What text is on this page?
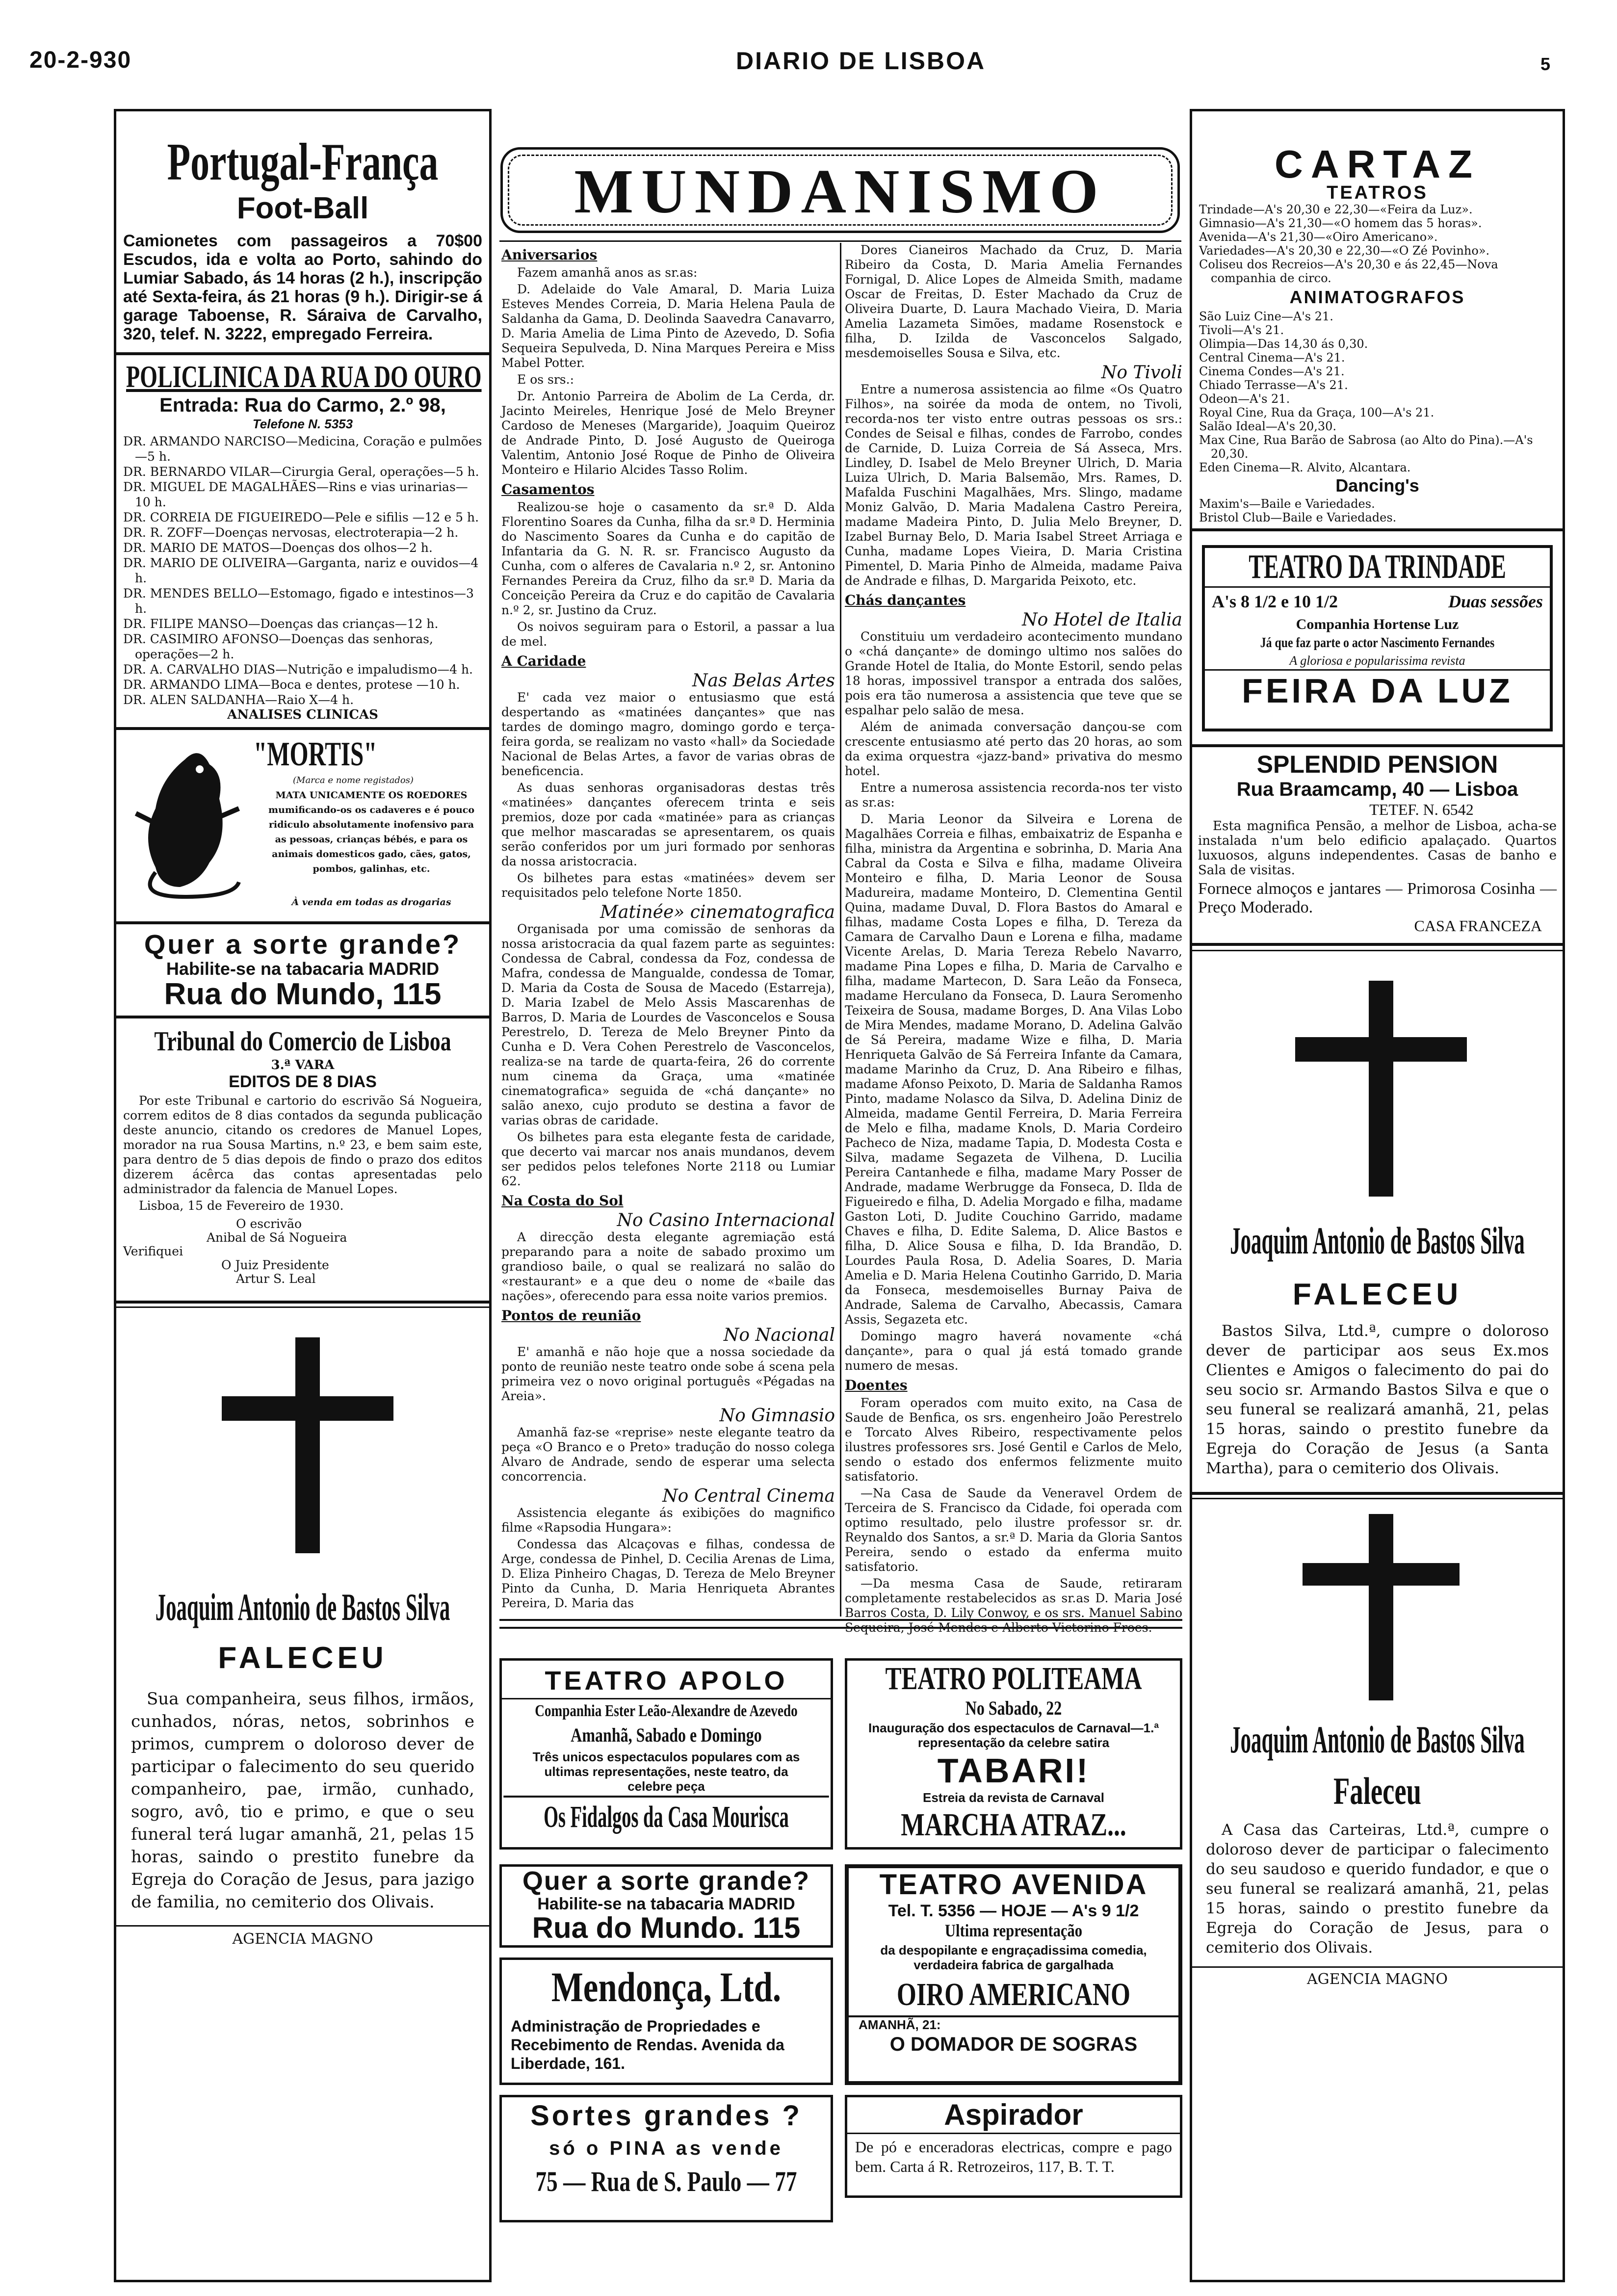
20-2-930	DIARIO DE LISBOA	5
Portugal-França
Foot-Ball
Camionetes com passageiros a 70$00 Escudos, ida e volta ao Porto, sahindo do Lumiar Sabado, ás 14 horas (2 h.), inscripção até Sexta-feira, ás 21 horas (9 h.). Dirigir-se á garage Taboense, R. Sáraiva de Carvalho, 320, telef. N. 3222, empregado Ferreira.
POLICLINICA DA RUA DO OURO
Entrada: Rua do Carmo, 2.º 98,
Telefone N. 5353
DR. ARMANDO NARCISO—Medicina, Coração e pulmões—5 h.
DR. BERNARDO VILAR—Cirurgia Geral, operações—5 h.
DR. MIGUEL DE MAGALHÃES—Rins e vias urinarias—10 h.
DR. CORREIA DE FIGUEIREDO—Pele e sifilis —12 e 5 h.
DR. R. ZOFF—Doenças nervosas, electroterapia—2 h.
DR. MARIO DE MATOS—Doenças dos olhos—2 h.
DR. MARIO DE OLIVEIRA—Garganta, nariz e ouvidos—4 h.
DR. MENDES BELLO—Estomago, figado e intestinos—3 h.
DR. FILIPE MANSO—Doenças das crianças—12 h.
DR. CASIMIRO AFONSO—Doenças das senhoras, operações—2 h.
DR. A. CARVALHO DIAS—Nutrição e impaludismo—4 h.
DR. ARMANDO LIMA—Boca e dentes, protese —10 h.
DR. ALEN SALDANHA—Raio X—4 h.
ANALISES CLINICAS
"MORTIS"
(Marca e nome registados)
MATA UNICAMENTE OS ROEDORES mumificando-os os cadaveres e é pouco ridiculo absolutamente inofensivo para as pessoas, crianças bébés, e para os animais domesticos gado, cães, gatos, pombos, galinhas, etc.
À venda em todas as drogarias
Quer a sorte grande?
Habilite-se na tabacaria MADRID
Rua do Mundo, 115
Tribunal do Comercio de Lisboa
3.ª VARA
EDITOS DE 8 DIAS

Por este Tribunal e cartorio do escrivão Sá Nogueira, correm editos de 8 dias contados da segunda publicação deste anuncio, citando os credores de Manuel Lopes, morador na rua Sousa Martins, n.º 23, e bem saim este, para dentro de 5 dias depois de findo o prazo dos editos dizerem ácêrca das contas apresentadas pelo administrador da falencia de Manuel Lopes.

Lisboa, 15 de Fevereiro de 1930.

O escrivão
Anibal de Sá Nogueira
Verifiquei
O Juiz Presidente
Artur S. Leal
Joaquim Antonio de Bastos Silva
FALECEU

Sua companheira, seus filhos, irmãos, cunhados, nóras, netos, sobrinhos e primos, cumprem o doloroso dever de participar o falecimento do seu querido companheiro, pae, irmão, cunhado, sogro, avô, tio e primo, e que o seu funeral terá lugar amanhã, 21, pelas 15 horas, saindo o prestito funebre da Egreja do Coração de Jesus, para jazigo de familia, no cemiterio dos Olivais.

AGENCIA MAGNO
MUNDANISMO
Aniversarios

Fazem amanhã anos as sr.as:

D. Adelaide do Vale Amaral, D. Maria Luiza Esteves Mendes Correia, D. Maria Helena Paula de Saldanha da Gama, D. Deolinda Saavedra Canavarro, D. Maria Amelia de Lima Pinto de Azevedo, D. Sofia Sequeira Sepulveda, D. Nina Marques Pereira e Miss Mabel Potter.

E os srs.:

Dr. Antonio Parreira de Abolim de La Cerda, dr. Jacinto Meireles, Henrique José de Melo Breyner Cardoso de Meneses (Margaride), Joaquim Queiroz de Andrade Pinto, D. José Augusto de Queiroga Valentim, Antonio José Roque de Pinho de Oliveira Monteiro e Hilario Alcides Tasso Rolim.

Casamentos

Realizou-se hoje o casamento da sr.ª D. Alda Florentino Soares da Cunha, filha da sr.ª D. Herminia do Nascimento Soares da Cunha e do capitão de Infantaria da G. N. R. sr. Francisco Augusto da Cunha, com o alferes de Cavalaria n.º 2, sr. Antonino Fernandes Pereira da Cruz, filho da sr.ª D. Maria da Conceição Pereira da Cruz e do capitão de Cavalaria n.º 2, sr. Justino da Cruz.

Os noivos seguiram para o Estoril, a passar a lua de mel.

A Caridade
Nas Belas Artes

E' cada vez maior o entusiasmo que está despertando as «matinées dançantes» que nas tardes de domingo magro, domingo gordo e terça-feira gorda, se realizam no vasto «hall» da Sociedade Nacional de Belas Artes, a favor de varias obras de beneficencia.

As duas senhoras organisadoras destas três «matinées» dançantes oferecem trinta e seis premios, doze por cada «matinée» para as crianças que melhor mascaradas se apresentarem, os quais serão conferidos por um juri formado por senhoras da nossa aristocracia.

Os bilhetes para estas «matinées» devem ser requisitados pelo telefone Norte 1850.

Matinée» cinematografica

Organisada por uma comissão de senhoras da nossa aristocracia da qual fazem parte as seguintes: Condessa de Cabral, condessa da Foz, condessa de Mafra, condessa de Mangualde, condessa de Tomar, D. Maria da Costa de Sousa de Macedo (Estarreja), D. Maria Izabel de Melo Assis Mascarenhas de Barros, D. Maria de Lourdes de Vasconcelos e Sousa Perestrelo, D. Tereza de Melo Breyner Pinto da Cunha e D. Vera Cohen Perestrelo de Vasconcelos, realiza-se na tarde de quarta-feira, 26 do corrente num cinema da Graça, uma «matinée cinematografica» seguida de «chá dançante» no salão anexo, cujo produto se destina a favor de varias obras de caridade.

Os bilhetes para esta elegante festa de caridade, que decerto vai marcar nos anais mundanos, devem ser pedidos pelos telefones Norte 2118 ou Lumiar 62.

Na Costa do Sol
No Casino Internacional

A direcção desta elegante agremiação está preparando para a noite de sabado proximo um grandioso baile, o qual se realizará no salão do «restaurant» e a que deu o nome de «baile das nações», oferecendo para essa noite varios premios.

Pontos de reunião
No Nacional

E' amanhã e não hoje que a nossa sociedade da ponto de reunião neste teatro onde sobe á scena pela primeira vez o novo original português «Pégadas na Areia».

No Gimnasio

Amanhã faz-se «reprise» neste elegante teatro da peça «O Branco e o Preto» tradução do nosso colega Alvaro de Andrade, sendo de esperar uma selecta concorrencia.

No Central Cinema

Assistencia elegante ás exibições do magnifico filme «Rapsodia Hungara»:

Condessa das Alcaçovas e filhas, condessa de Arge, condessa de Pinhel, D. Cecilia Arenas de Lima, D. Eliza Pinheiro Chagas, D. Tereza de Melo Breyner Pinto da Cunha, D. Maria Henriqueta Abrantes Pereira, D. Maria das

Dores Cianeiros Machado da Cruz, D. Maria Ribeiro da Costa, D. Maria Amelia Fernandes Fornigal, D. Alice Lopes de Almeida Smith, madame Oscar de Freitas, D. Ester Machado da Cruz de Oliveira Duarte, D. Laura Machado Vieira, D. Maria Amelia Lazameta Simões, madame Rosenstock e filha, D. Izilda de Vasconcelos Salgado, mesdemoiselles Sousa e Silva, etc.

No Tivoli

Entre a numerosa assistencia ao filme «Os Quatro Filhos», na soirée da moda de ontem, no Tivoli, recorda-nos ter visto entre outras pessoas os srs.: Condes de Seisal e filhas, condes de Farrobo, condes de Carnide, D. Luiza Correia de Sá Asseca, Mrs. Lindley, D. Isabel de Melo Breyner Ulrich, D. Maria Luiza Ulrich, D. Maria Balsemão, Mrs. Rames, D. Mafalda Fuschini Magalhães, Mrs. Slingo, madame Moniz Galvão, D. Maria Madalena Castro Pereira, madame Madeira Pinto, D. Julia Melo Breyner, D. Izabel Burnay Belo, D. Maria Isabel Street Arriaga e Cunha, madame Lopes Vieira, D. Maria Cristina Pimentel, D. Maria Pinho de Almeida, madame Paiva de Andrade e filhas, D. Margarida Peixoto, etc.

Chás dançantes
No Hotel de Italia

Constituiu um verdadeiro acontecimento mundano o «chá dançante» de domingo ultimo nos salões do Grande Hotel de Italia, do Monte Estoril, sendo pelas 18 horas, impossivel transpor a entrada dos salões, pois era tão numerosa a assistencia que teve que se espalhar pelo salão de mesa.

Além de animada conversação dançou-se com crescente entusiasmo até perto das 20 horas, ao som da exima orquestra «jazz-band» privativa do mesmo hotel.

Entre a numerosa assistencia recorda-nos ter visto as sr.as:

D. Maria Leonor da Silveira e Lorena de Magalhães Correia e filhas, embaixatriz de Espanha e filha, ministra da Argentina e sobrinha, D. Maria Ana Cabral da Costa e Silva e filha, madame Oliveira Monteiro e filha, D. Maria Leonor de Sousa Madureira, madame Monteiro, D. Clementina Gentil Quina, madame Duval, D. Flora Bastos do Amaral e filhas, madame Costa Lopes e filha, D. Tereza da Camara de Carvalho Daun e Lorena e filha, madame Vicente Arelas, D. Maria Tereza Rebelo Navarro, madame Pina Lopes e filha, D. Maria de Carvalho e filha, madame Martecon, D. Sara Leão da Fonseca, madame Herculano da Fonseca, D. Laura Seromenho Teixeira de Sousa, madame Borges, D. Ana Vilas Lobo de Mira Mendes, madame Morano, D. Adelina Galvão de Sá Pereira, madame Wize e filha, D. Maria Henriqueta Galvão de Sá Ferreira Infante da Camara, madame Marinho da Cruz, D. Ana Ribeiro e filhas, madame Afonso Peixoto, D. Maria de Saldanha Ramos Pinto, madame Nolasco da Silva, D. Adelina Diniz de Almeida, madame Gentil Ferreira, D. Maria Ferreira de Melo e filha, madame Knols, D. Maria Cordeiro Pacheco de Niza, madame Tapia, D. Modesta Costa e Silva, madame Segazeta de Vilhena, D. Lucilia Pereira Cantanhede e filha, madame Mary Posser de Andrade, madame Werbrugge da Fonseca, D. Ilda de Figueiredo e filha, D. Adelia Morgado e filha, madame Gaston Loti, D. Judite Couchino Garrido, madame Chaves e filha, D. Edite Salema, D. Alice Bastos e filha, D. Alice Sousa e filha, D. Ida Brandão, D. Lourdes Paula Rosa, D. Adelia Soares, D. Maria Amelia e D. Maria Helena Coutinho Garrido, D. Maria da Fonseca, mesdemoiselles Burnay Paiva de Andrade, Salema de Carvalho, Abecassis, Camara Assis, Segazeta etc.

Domingo magro haverá novamente «chá dançante», para o qual já está tomado grande numero de mesas.

Doentes

Foram operados com muito exito, na Casa de Saude de Benfica, os srs. engenheiro João Perestrelo e Torcato Alves Ribeiro, respectivamente pelos ilustres professores srs. José Gentil e Carlos de Melo, sendo o estado dos enfermos felizmente muito satisfatorio.

—Na Casa de Saude da Veneravel Ordem de Terceira de S. Francisco da Cidade, foi operada com optimo resultado, pelo ilustre professor sr. dr. Reynaldo dos Santos, a sr.ª D. Maria da Gloria Santos Pereira, sendo o estado da enferma muito satisfatorio.

—Da mesma Casa de Saude, retiraram completamente restabelecidos as sr.as D. Maria José Barros Costa, D. Lily Conwoy, e os srs. Manuel Sabino Sequeira, José Mendes e Alberto Victorino Froes.

TEATRO APOLO
Companhia Ester Leão-Alexandre de Azevedo
Amanhã, Sabado e Domingo
Três unicos espectaculos populares com as ultimas representações, neste teatro, da celebre peça
Os Fidalgos da Casa Mourisca
TEATRO POLITEAMA
No Sabado, 22
Inauguração dos espectaculos de Carnaval—1.ª representação da celebre satira
TABARI!
Estreia da revista de Carnaval
MARCHA ATRAZ...
Quer a sorte grande?
Habilite-se na tabacaria MADRID
Rua do Mundo. 115
Mendonça, Ltd.
Administração de Propriedades e Recebimento de Rendas. Avenida da Liberdade, 161.
TEATRO AVENIDA
Tel. T. 5356 — HOJE — A's 9 1/2
Ultima representação
da despopilante e engraçadissima comedia, verdadeira fabrica de gargalhada
OIRO AMERICANO
AMANHÃ, 21:
O DOMADOR DE SOGRAS
Sortes grandes ?
só o PINA as vende
75 — Rua de S. Paulo — 77
Aspirador
De pó e enceradoras electricas, compre e pago bem. Carta á R. Retrozeiros, 117, B. T. T.
CARTAZ
TEATROS
Trindade—A's 20,30 e 22,30—«Feira da Luz».
Gimnasio—A's 21,30—«O homem das 5 horas».
Avenida—A's 21,30—«Oiro Americano».
Variedades—A's 20,30 e 22,30—«O Zé Povinho».
Coliseu dos Recreios—A's 20,30 e ás 22,45—Nova companhia de circo.
ANIMATOGRAFOS
São Luiz Cine—A's 21.
Tivoli—A's 21.
Olimpia—Das 14,30 ás 0,30.
Central Cinema—A's 21.
Cinema Condes—A's 21.
Chiado Terrasse—A's 21.
Odeon—A's 21.
Royal Cine, Rua da Graça, 100—A's 21.
Salão Ideal—A's 20,30.
Max Cine, Rua Barão de Sabrosa (ao Alto do Pina).—A's 20,30.
Eden Cinema—R. Alvito, Alcantara.
Dancing's
Maxim's—Baile e Variedades.
Bristol Club—Baile e Variedades.
TEATRO DA TRINDADE
A's 8 1/2 e 10 1/2	Duas sessões
Companhia Hortense Luz
Já que faz parte o actor Nascimento Fernandes
A gloriosa e popularissima revista
FEIRA DA LUZ
SPLENDID PENSION
Rua Braamcamp, 40 — Lisboa
TETEF. N. 6542

Esta magnifica Pensão, a melhor de Lisboa, acha-se instalada n'um belo edificio apalaçado. Quartos luxuosos, alguns independentes. Casas de banho e Sala de visitas.

Fornece almoços e jantares — Primorosa Cosinha — Preço Moderado.
CASA FRANCEZA
Joaquim Antonio de Bastos Silva
FALECEU

Bastos Silva, Ltd.ª, cumpre o doloroso dever de participar aos seus Ex.mos Clientes e Amigos o falecimento do pai do seu socio sr. Armando Bastos Silva e que o seu funeral se realizará amanhã, 21, pelas 15 horas, saindo o prestito funebre da Egreja do Coração de Jesus (a Santa Martha), para o cemiterio dos Olivais.

Joaquim Antonio de Bastos Silva
Faleceu

A Casa das Carteiras, Ltd.ª, cumpre o doloroso dever de participar o falecimento do seu saudoso e querido fundador, e que o seu funeral se realizará amanhã, 21, pelas 15 horas, saindo o prestito funebre da Egreja do Coração de Jesus, para o cemiterio dos Olivais.

AGENCIA MAGNO
